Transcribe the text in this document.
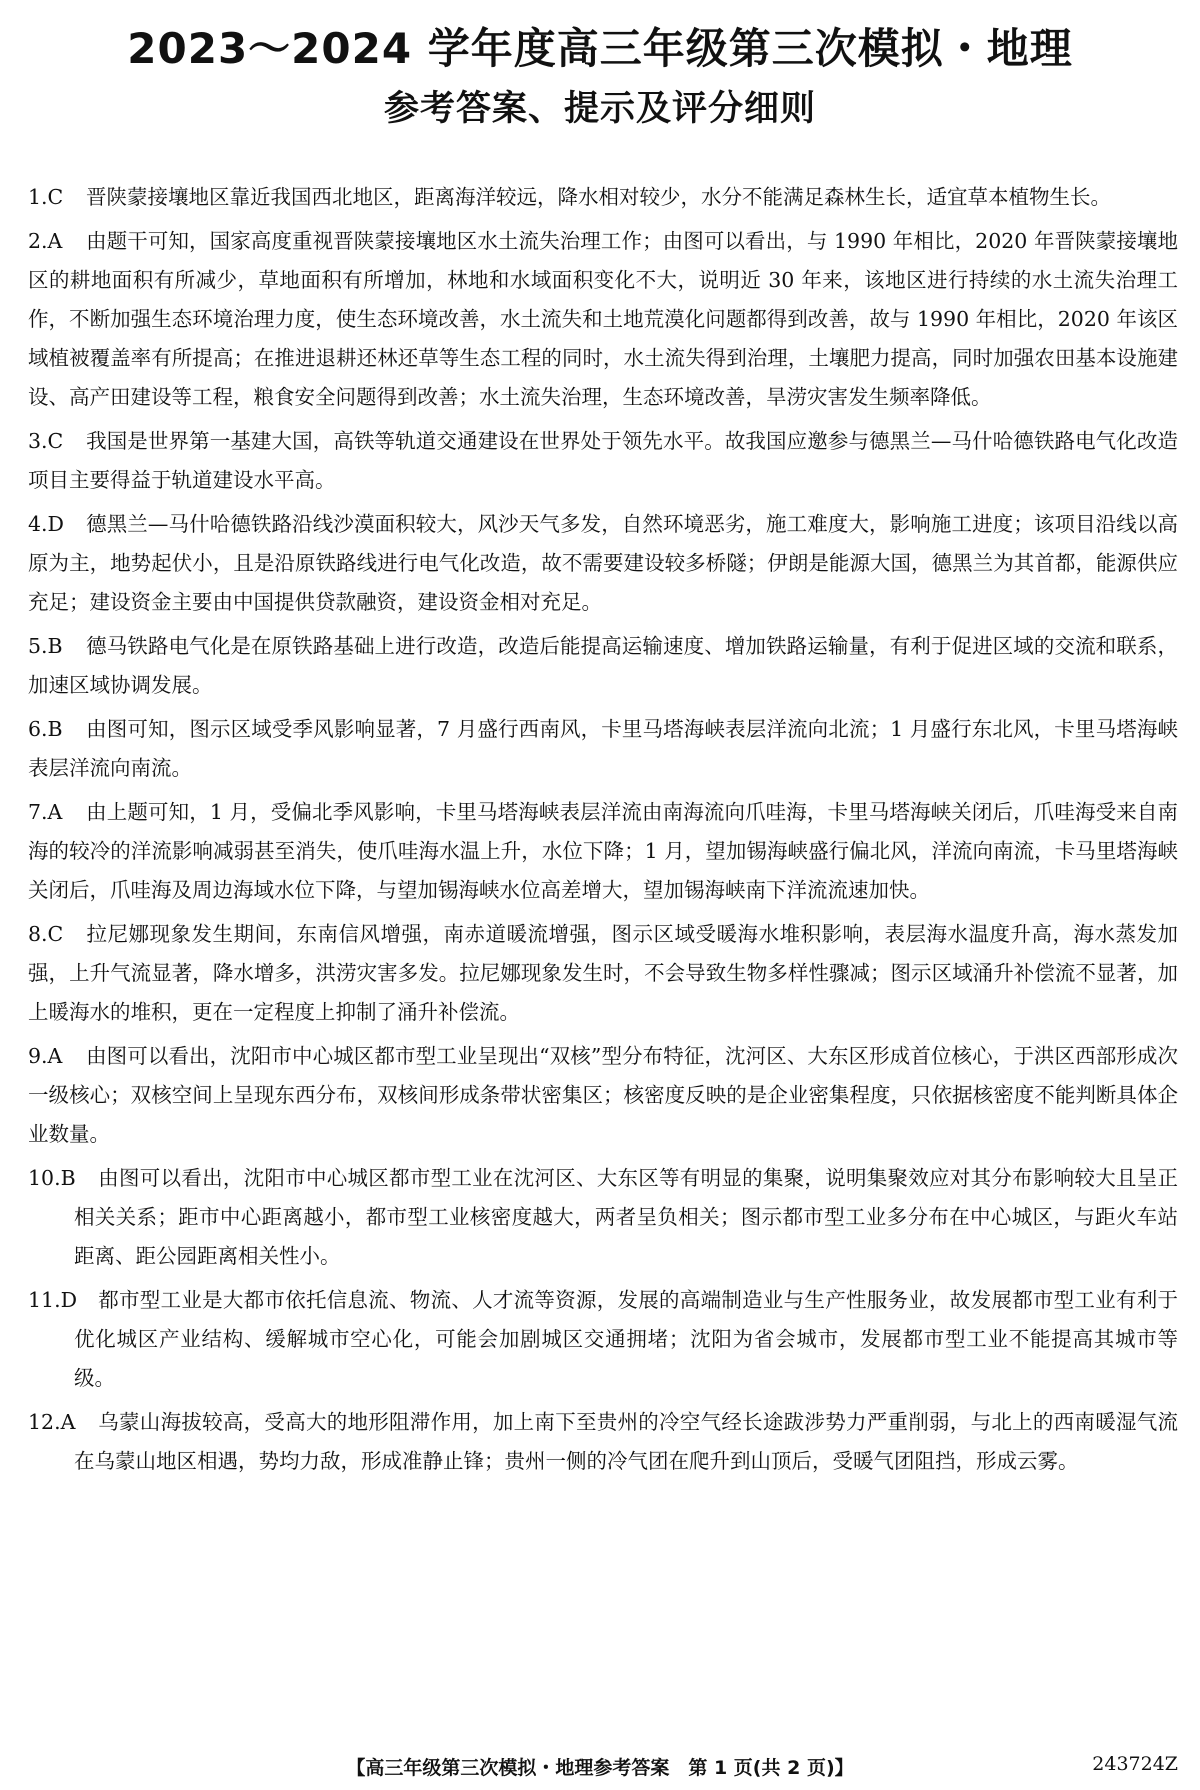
2023～2024 学年度高三年级第三次模拟・地理
参考答案、提示及评分细则
1.C 晋陕蒙接壤地区靠近我国西北地区，距离海洋较远，降水相对较少，水分不能满足森林生长，适宜草本植物生长。
2.A 由题干可知，国家高度重视晋陕蒙接壤地区水土流失治理工作；由图可以看出，与 1990 年相比，2020 年晋陕蒙接壤地区的耕地面积有所减少，草地面积有所增加，林地和水域面积变化不大，说明近 30 年来，该地区进行持续的水土流失治理工作，不断加强生态环境治理力度，使生态环境改善，水土流失和土地荒漠化问题都得到改善，故与 1990 年相比，2020 年该区域植被覆盖率有所提高；在推进退耕还林还草等生态工程的同时，水土流失得到治理，土壤肥力提高，同时加强农田基本设施建设、高产田建设等工程，粮食安全问题得到改善；水土流失治理，生态环境改善，旱涝灾害发生频率降低。
3.C 我国是世界第一基建大国，高铁等轨道交通建设在世界处于领先水平。故我国应邀参与德黑兰—马什哈德铁路电气化改造项目主要得益于轨道建设水平高。
4.D 德黑兰—马什哈德铁路沿线沙漠面积较大，风沙天气多发，自然环境恶劣，施工难度大，影响施工进度；该项目沿线以高原为主，地势起伏小，且是沿原铁路线进行电气化改造，故不需要建设较多桥隧；伊朗是能源大国，德黑兰为其首都，能源供应充足；建设资金主要由中国提供贷款融资，建设资金相对充足。
5.B 德马铁路电气化是在原铁路基础上进行改造，改造后能提高运输速度、增加铁路运输量，有利于促进区域的交流和联系，加速区域协调发展。
6.B 由图可知，图示区域受季风影响显著，7 月盛行西南风，卡里马塔海峡表层洋流向北流；1 月盛行东北风，卡里马塔海峡表层洋流向南流。
7.A 由上题可知，1 月，受偏北季风影响，卡里马塔海峡表层洋流由南海流向爪哇海，卡里马塔海峡关闭后，爪哇海受来自南海的较冷的洋流影响减弱甚至消失，使爪哇海水温上升，水位下降；1 月，望加锡海峡盛行偏北风，洋流向南流，卡马里塔海峡关闭后，爪哇海及周边海域水位下降，与望加锡海峡水位高差增大，望加锡海峡南下洋流流速加快。
8.C 拉尼娜现象发生期间，东南信风增强，南赤道暖流增强，图示区域受暖海水堆积影响，表层海水温度升高，海水蒸发加强，上升气流显著，降水增多，洪涝灾害多发。拉尼娜现象发生时，不会导致生物多样性骤减；图示区域涌升补偿流不显著，加上暖海水的堆积，更在一定程度上抑制了涌升补偿流。
9.A 由图可以看出，沈阳市中心城区都市型工业呈现出“双核”型分布特征，沈河区、大东区形成首位核心，于洪区西部形成次一级核心；双核空间上呈现东西分布，双核间形成条带状密集区；核密度反映的是企业密集程度，只依据核密度不能判断具体企业数量。
10.B 由图可以看出，沈阳市中心城区都市型工业在沈河区、大东区等有明显的集聚，说明集聚效应对其分布影响较大且呈正相关关系；距市中心距离越小，都市型工业核密度越大，两者呈负相关；图示都市型工业多分布在中心城区，与距火车站距离、距公园距离相关性小。
11.D 都市型工业是大都市依托信息流、物流、人才流等资源，发展的高端制造业与生产性服务业，故发展都市型工业有利于优化城区产业结构、缓解城市空心化，可能会加剧城区交通拥堵；沈阳为省会城市，发展都市型工业不能提高其城市等级。
12.A 乌蒙山海拔较高，受高大的地形阻滞作用，加上南下至贵州的冷空气经长途跋涉势力严重削弱，与北上的西南暖湿气流在乌蒙山地区相遇，势均力敌，形成准静止锋；贵州一侧的冷气团在爬升到山顶后，受暖气团阻挡，形成云雾。
【高三年级第三次模拟・地理参考答案　第 1 页(共 2 页)】	243724Z
